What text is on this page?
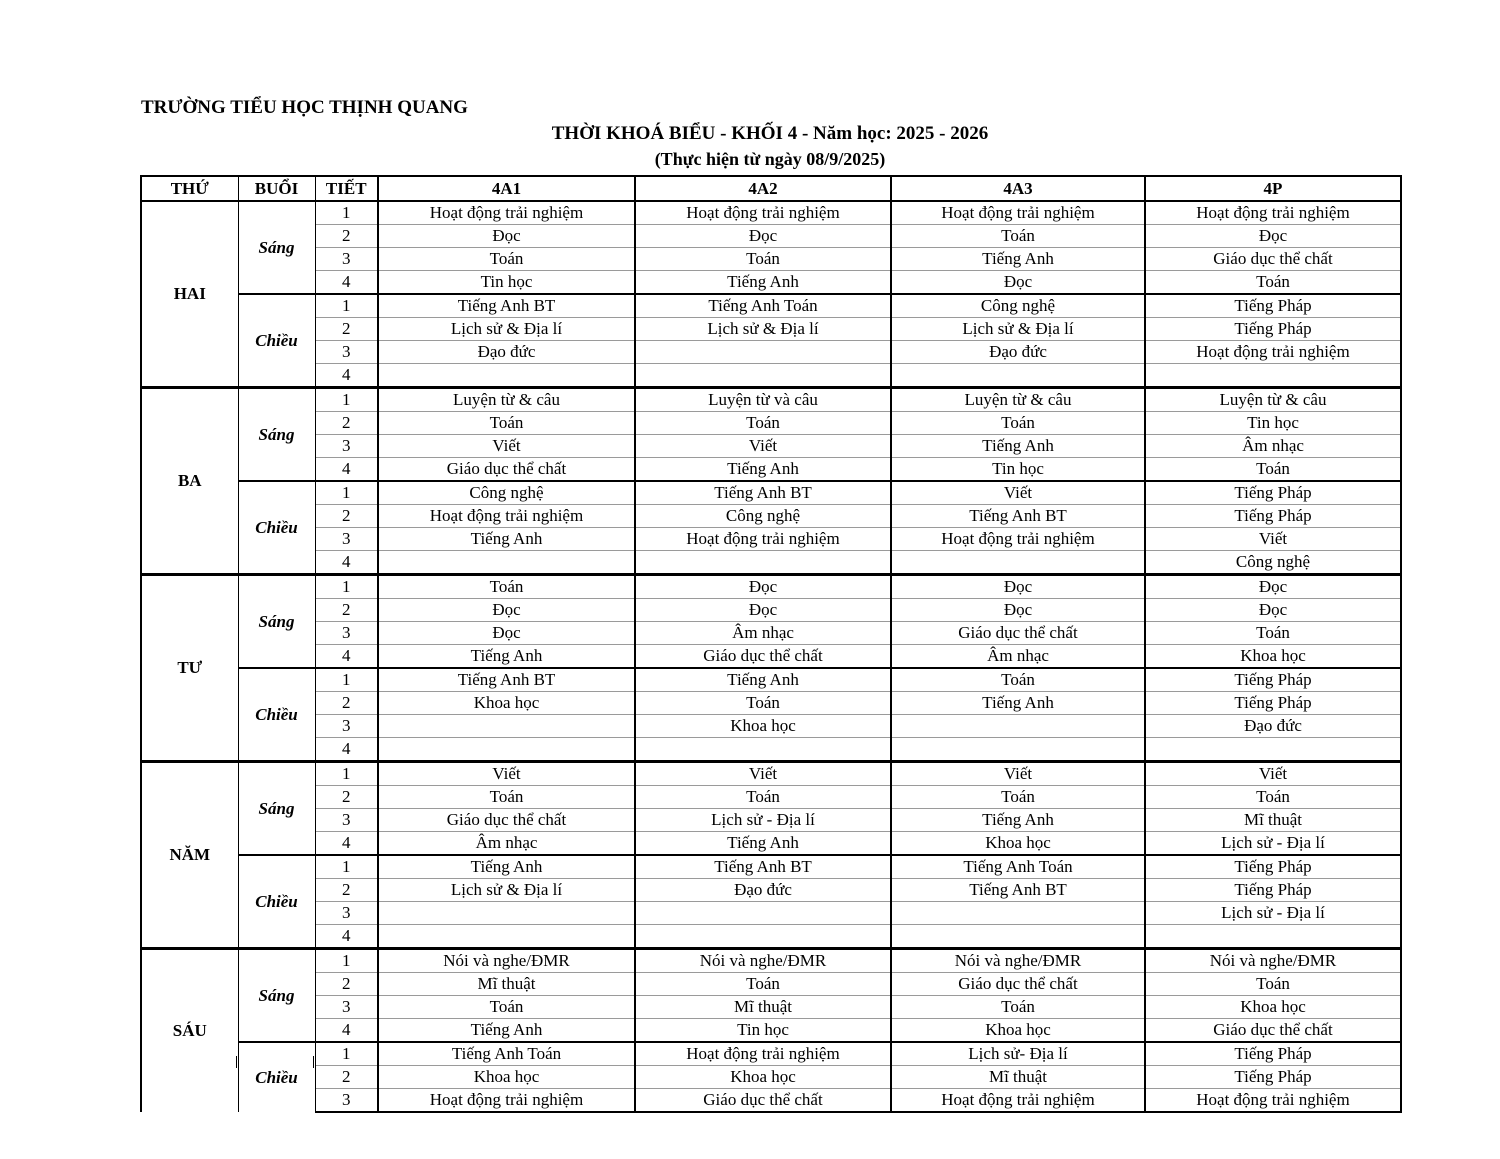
TRƯỜNG TIỂU HỌC THỊNH QUANG
THỜI KHOÁ BIỂU - KHỐI 4 - Năm học: 2025 - 2026
(Thực hiện từ ngày 08/9/2025)
THỨ	BUỔI	TIẾT	4A1	4A2	4A3	4P
HAI	Sáng	1	Hoạt động trải nghiệm	Hoạt động trải nghiệm	Hoạt động trải nghiệm	Hoạt động trải nghiệm
		2	Đọc	Đọc	Toán	Đọc
		3	Toán	Toán	Tiếng Anh	Giáo dục thể chất
		4	Tin học	Tiếng Anh	Đọc	Toán
	Chiều	1	Tiếng Anh BT	Tiếng Anh Toán	Công nghệ	Tiếng Pháp
		2	Lịch sử & Địa lí	Lịch sử & Địa lí	Lịch sử & Địa lí	Tiếng Pháp
		3	Đạo đức		Đạo đức	Hoạt động trải nghiệm
		4				
BA	Sáng	1	Luyện từ & câu	Luyện từ và câu	Luyện từ & câu	Luyện từ & câu
		2	Toán	Toán	Toán	Tin học
		3	Viết	Viết	Tiếng Anh	Âm nhạc
		4	Giáo dục thể chất	Tiếng Anh	Tin học	Toán
	Chiều	1	Công nghệ	Tiếng Anh BT	Viết	Tiếng Pháp
		2	Hoạt động trải nghiệm	Công nghệ	Tiếng Anh BT	Tiếng Pháp
		3	Tiếng Anh	Hoạt động trải nghiệm	Hoạt động trải nghiệm	Viết
		4				Công nghệ
TƯ	Sáng	1	Toán	Đọc	Đọc	Đọc
		2	Đọc	Đọc	Đọc	Đọc
		3	Đọc	Âm nhạc	Giáo dục thể chất	Toán
		4	Tiếng Anh	Giáo dục thể chất	Âm nhạc	Khoa học
	Chiều	1	Tiếng Anh BT	Tiếng Anh	Toán	Tiếng Pháp
		2	Khoa học	Toán	Tiếng Anh	Tiếng Pháp
		3		Khoa học		Đạo đức
		4				
NĂM	Sáng	1	Viết	Viết	Viết	Viết
		2	Toán	Toán	Toán	Toán
		3	Giáo dục thể chất	Lịch sử - Địa lí	Tiếng Anh	Mĩ thuật
		4	Âm nhạc	Tiếng Anh	Khoa học	Lịch sử - Địa lí
	Chiều	1	Tiếng Anh	Tiếng Anh BT	Tiếng Anh Toán	Tiếng Pháp
		2	Lịch sử & Địa lí	Đạo đức	Tiếng Anh BT	Tiếng Pháp
		3				Lịch sử - Địa lí
		4				
SÁU	Sáng	1	Nói và nghe/ĐMR	Nói và nghe/ĐMR	Nói và nghe/ĐMR	Nói và nghe/ĐMR
		2	Mĩ thuật	Toán	Giáo dục thể chất	Toán
		3	Toán	Mĩ thuật	Toán	Khoa học
		4	Tiếng Anh	Tin học	Khoa học	Giáo dục thể chất
	Chiều	1	Tiếng Anh Toán	Hoạt động trải nghiệm	Lịch sử- Địa lí	Tiếng Pháp
		2	Khoa học	Khoa học	Mĩ thuật	Tiếng Pháp
		3	Hoạt động trải nghiệm	Giáo dục thể chất	Hoạt động trải nghiệm	Hoạt động trải nghiệm
